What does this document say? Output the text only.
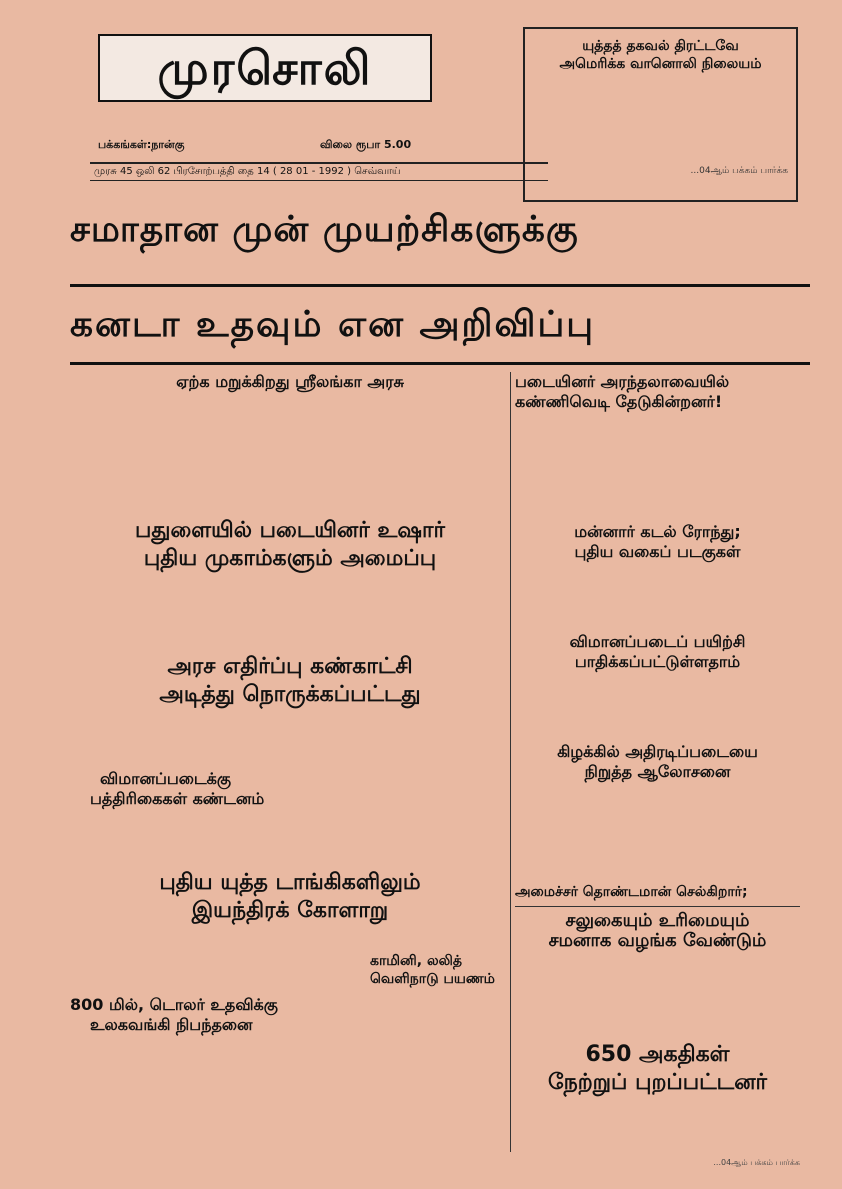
முரசொலி
பக்கங்கள்:நான்கு	விலை ரூபா 5.00
முரசு 45 ஒலி 62 பிரசோற்பத்தி தை 14 ( 28 01 - 1992 ) செவ்வாய்
யுத்தத் தகவல் திரட்டவே
அமெரிக்க வானொலி நிலையம்
...04ஆம் பக்கம் பார்க்க
சமாதான முன் முயற்சிகளுக்கு
கனடா உதவும் என அறிவிப்பு
ஏற்க மறுக்கிறது ஸ்ரீலங்கா அரசு
பதுளையில் படையினர் உஷார்
புதிய முகாம்களும் அமைப்பு
அரச எதிர்ப்பு கண்காட்சி
அடித்து நொருக்கப்பட்டது
விமானப்படைக்கு
பத்திரிகைகள் கண்டனம்
புதிய யுத்த டாங்கிகளிலும்
இயந்திரக் கோளாறு
800 மில், டொலர் உதவிக்கு
உலகவங்கி நிபந்தனை
காமினி, லலித்
வெளிநாடு பயணம்
படையினர் அரந்தலாவையில்
கண்ணிவெடி தேடுகின்றனர்!
மன்னார் கடல் ரோந்து;
புதிய வகைப் படகுகள்
விமானப்படைப் பயிற்சி
பாதிக்கப்பட்டுள்ளதாம்
கிழக்கில் அதிரடிப்படையை
நிறுத்த ஆலோசனை
அமைச்சர் தொண்டமான் செல்கிறார்;
சலுகையும் உரிமையும்
சமனாக வழங்க வேண்டும்
650 அகதிகள்
நேற்றுப் புறப்பட்டனர்
...04ஆம் பக்கம் பார்க்க
